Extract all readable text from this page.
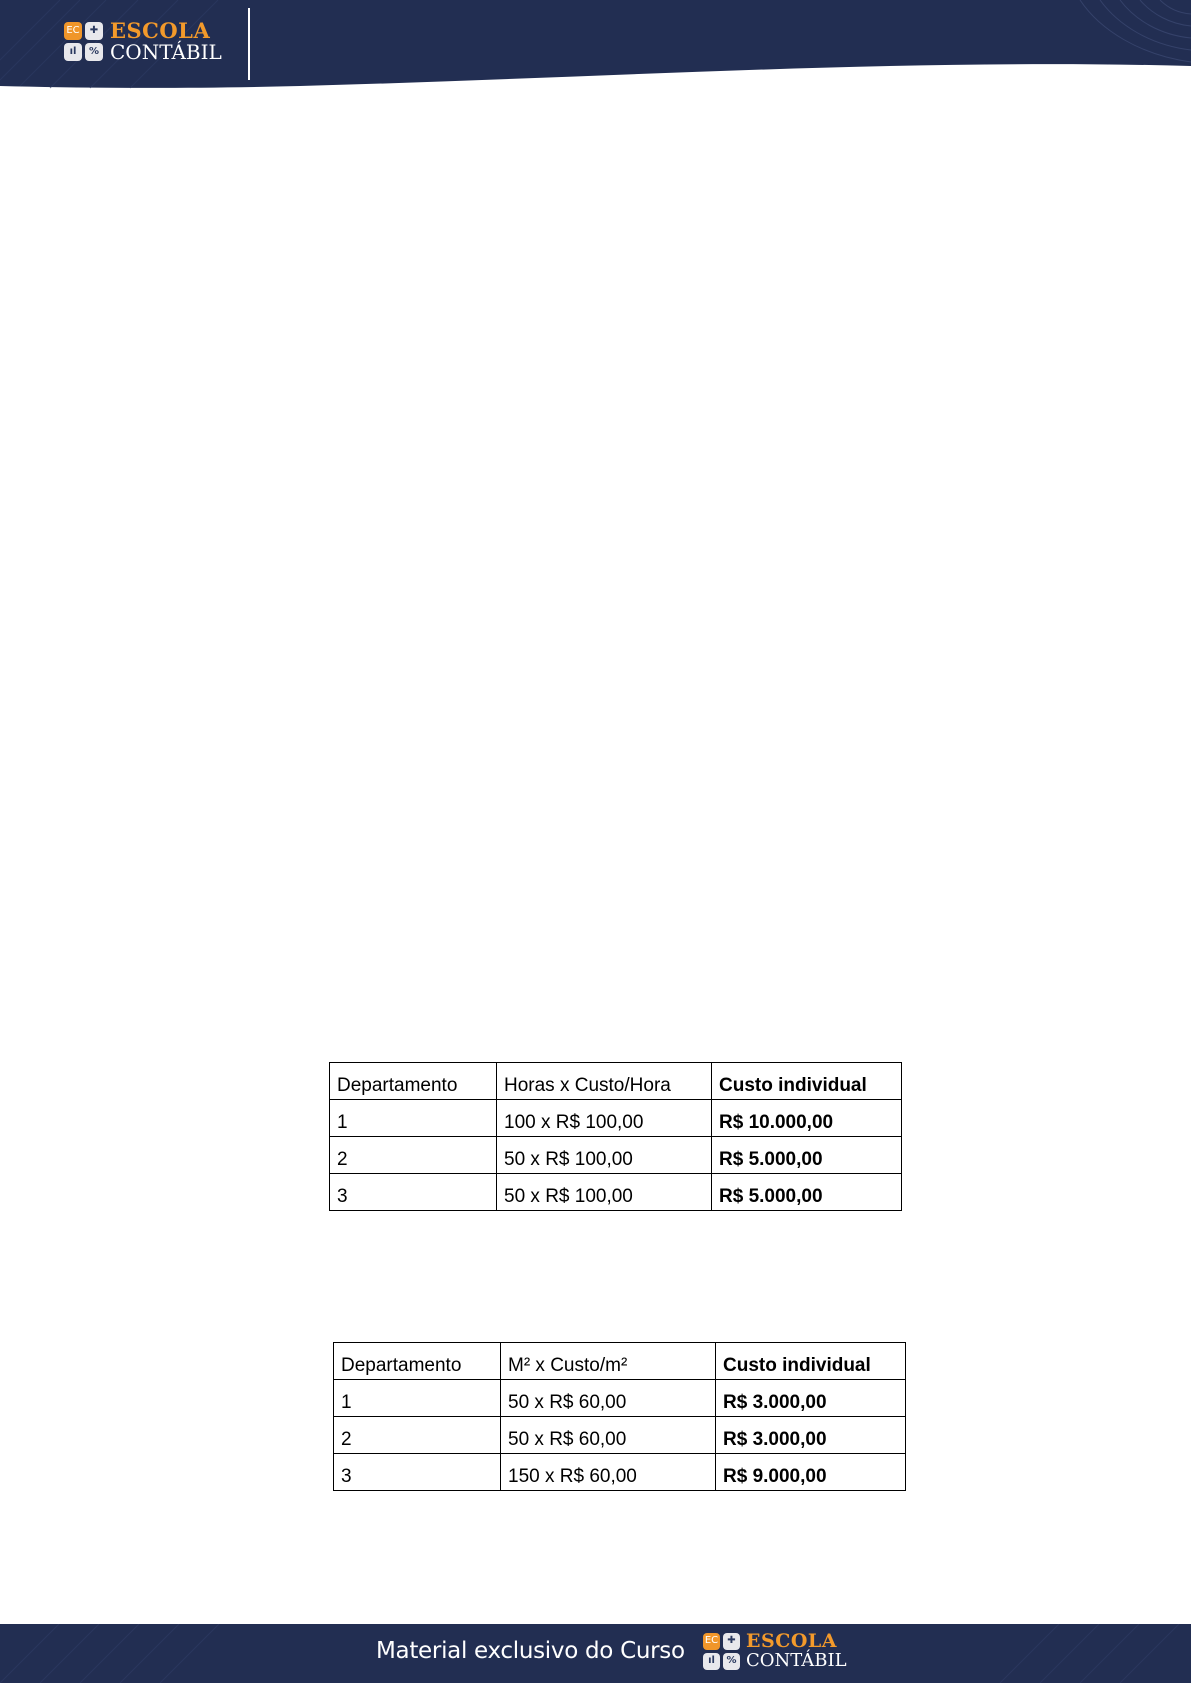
EC	✚
ıl	%
ESCOLA
CONTÁBIL
Departamento	Horas x Custo/Hora	Custo individual
1	100 x R$ 100,00	R$ 10.000,00
2	50 x R$ 100,00	R$ 5.000,00
3	50 x R$ 100,00	R$ 5.000,00
Departamento	M² x Custo/m²	Custo individual
1	50 x R$ 60,00	R$ 3.000,00
2	50 x R$ 60,00	R$ 3.000,00
3	150 x R$ 60,00	R$ 9.000,00
Material exclusivo do Curso EC ✚
ıl	%
ESCOLA
CONTÁBIL
